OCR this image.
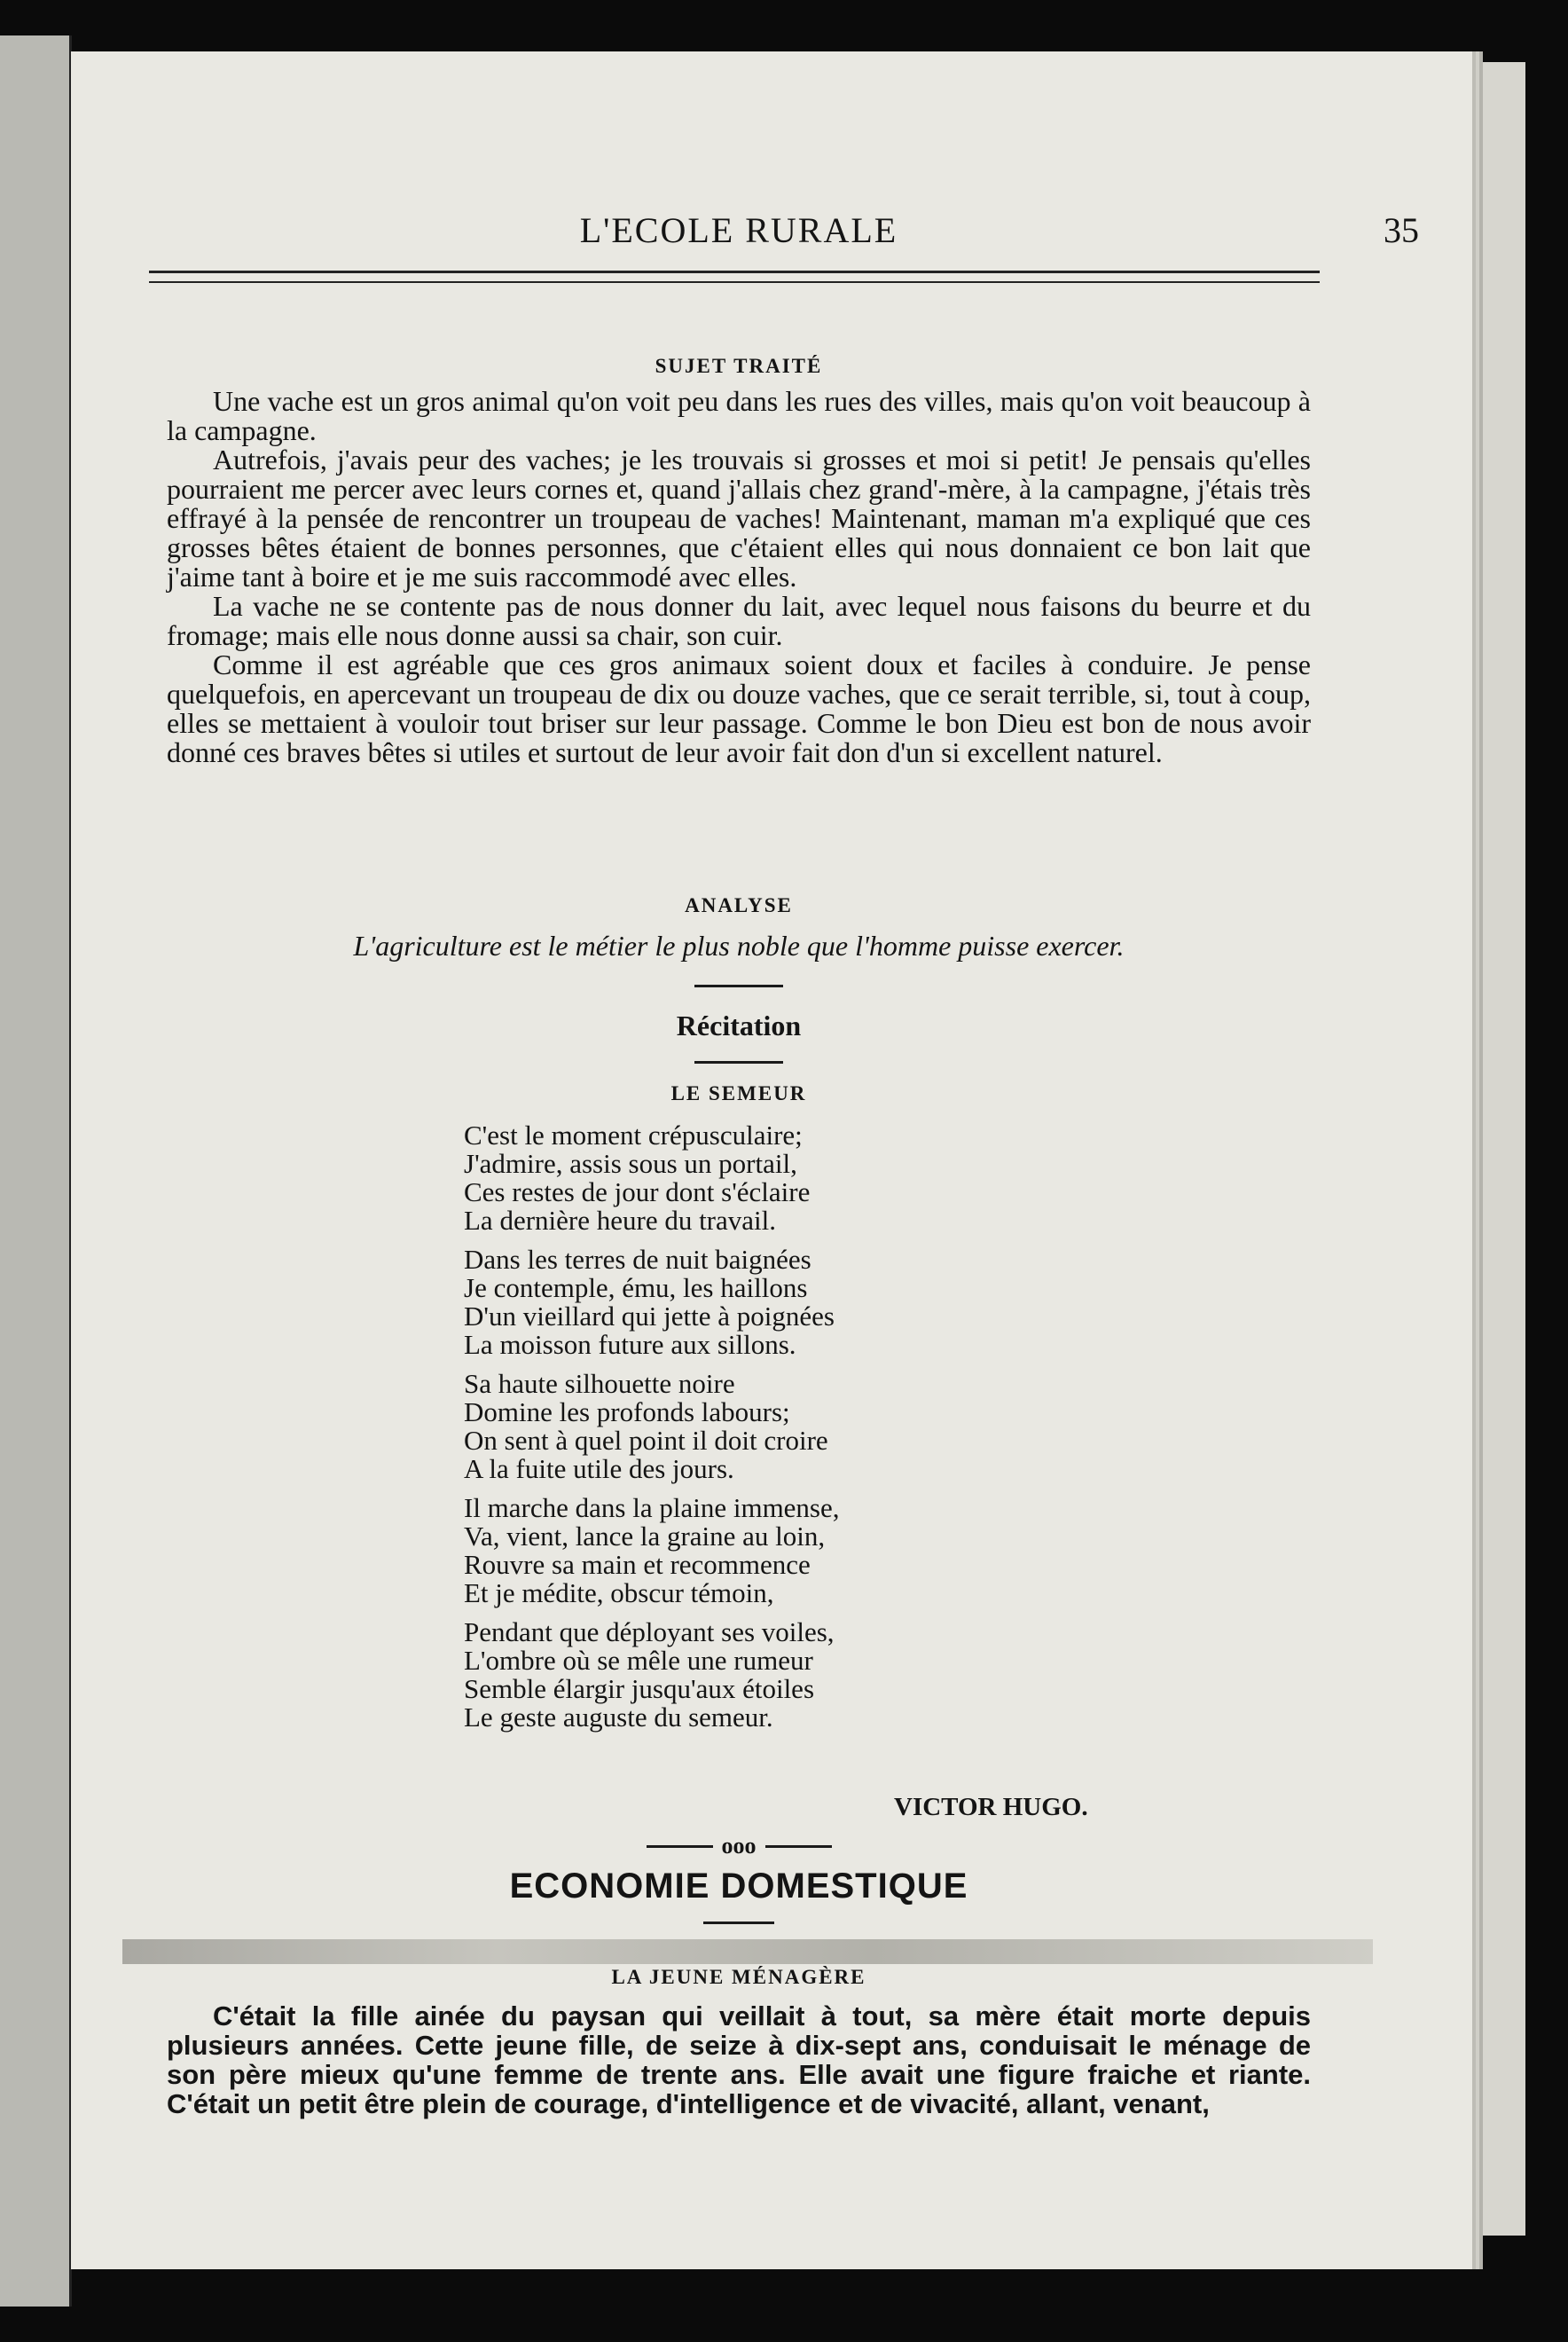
L'ECOLE RURALE	35
SUJET TRAITÉ

Une vache est un gros animal qu'on voit peu dans les rues des villes, mais qu'on voit beaucoup à la campagne.

Autrefois, j'avais peur des vaches; je les trouvais si grosses et moi si petit! Je pensais qu'elles pourraient me percer avec leurs cornes et, quand j'allais chez grand'-mère, à la campagne, j'étais très effrayé à la pensée de rencontrer un troupeau de vaches! Maintenant, maman m'a expliqué que ces grosses bêtes étaient de bonnes personnes, que c'étaient elles qui nous donnaient ce bon lait que j'aime tant à boire et je me suis raccommodé avec elles.

La vache ne se contente pas de nous donner du lait, avec lequel nous faisons du beurre et du fromage; mais elle nous donne aussi sa chair, son cuir.

Comme il est agréable que ces gros animaux soient doux et faciles à conduire. Je pense quelquefois, en apercevant un troupeau de dix ou douze vaches, que ce serait terrible, si, tout à coup, elles se mettaient à vouloir tout briser sur leur passage. Comme le bon Dieu est bon de nous avoir donné ces braves bêtes si utiles et surtout de leur avoir fait don d'un si excellent naturel.

ANALYSE
L'agriculture est le métier le plus noble que l'homme puisse exercer.
Récitation
LE SEMEUR
C'est le moment crépusculaire;
J'admire, assis sous un portail,
Ces restes de jour dont s'éclaire
La dernière heure du travail.
Dans les terres de nuit baignées
Je contemple, ému, les haillons
D'un vieillard qui jette à poignées
La moisson future aux sillons.
Sa haute silhouette noire
Domine les profonds labours;
On sent à quel point il doit croire
A la fuite utile des jours.
Il marche dans la plaine immense,
Va, vient, lance la graine au loin,
Rouvre sa main et recommence
Et je médite, obscur témoin,
Pendant que déployant ses voiles,
L'ombre où se mêle une rumeur
Semble élargir jusqu'aux étoiles
Le geste auguste du semeur.
VICTOR HUGO.
ooo
ECONOMIE DOMESTIQUE
LA JEUNE MÉNAGÈRE

C'était la fille ainée du paysan qui veillait à tout, sa mère était morte depuis plusieurs années. Cette jeune fille, de seize à dix-sept ans, conduisait le ménage de son père mieux qu'une femme de trente ans. Elle avait une figure fraiche et riante. C'était un petit être plein de courage, d'intelligence et de vivacité, allant, venant,
